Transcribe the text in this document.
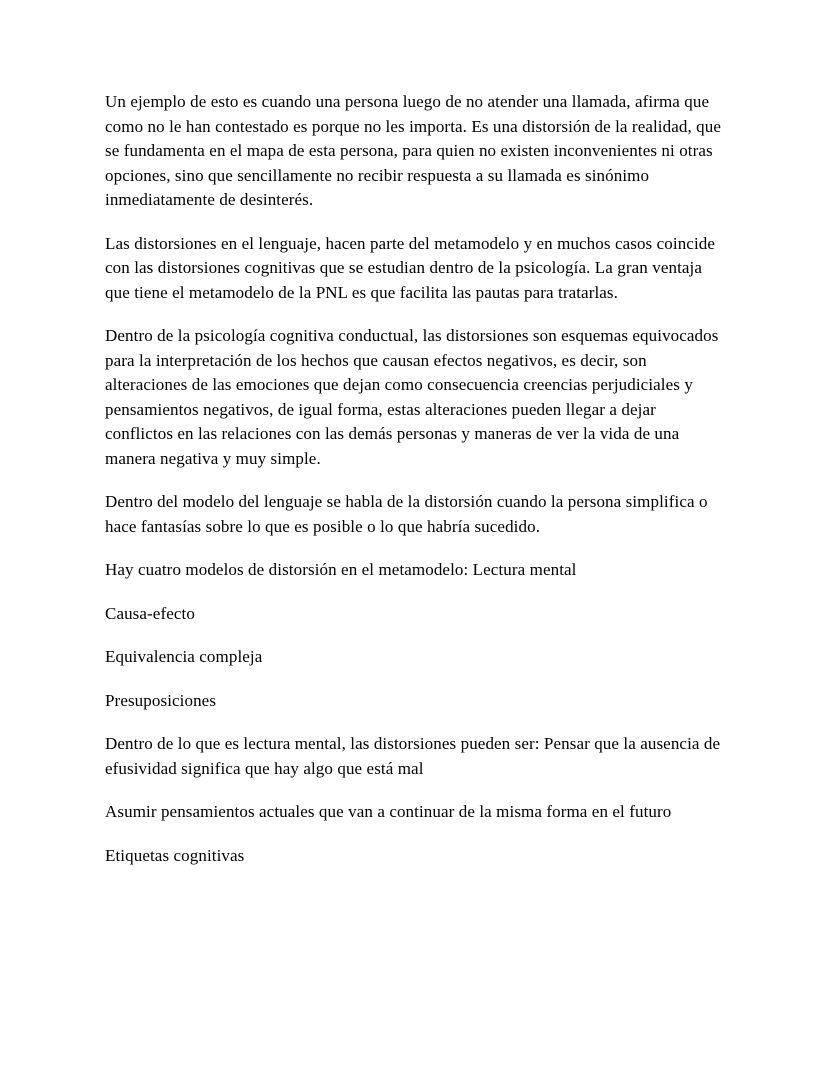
Un ejemplo de esto es cuando una persona luego de no atender una llamada, afirma que como no le han contestado es porque no les importa. Es una distorsión de la realidad, que se fundamenta en el mapa de esta persona, para quien no existen inconvenientes ni otras opciones, sino que sencillamente no recibir respuesta a su llamada es sinónimo inmediatamente de desinterés.

Las distorsiones en el lenguaje, hacen parte del metamodelo y en muchos casos coincide con las distorsiones cognitivas que se estudian dentro de la psicología. La gran ventaja que tiene el metamodelo de la PNL es que facilita las pautas para tratarlas.

Dentro de la psicología cognitiva conductual, las distorsiones son esquemas equivocados para la interpretación de los hechos que causan efectos negativos, es decir, son alteraciones de las emociones que dejan como consecuencia creencias perjudiciales y pensamientos negativos, de igual forma, estas alteraciones pueden llegar a dejar conflictos en las relaciones con las demás personas y maneras de ver la vida de una manera negativa y muy simple.

Dentro del modelo del lenguaje se habla de la distorsión cuando la persona simplifica o hace fantasías sobre lo que es posible o lo que habría sucedido.

Hay cuatro modelos de distorsión en el metamodelo: Lectura mental

Causa-efecto

Equivalencia compleja

Presuposiciones

Dentro de lo que es lectura mental, las distorsiones pueden ser: Pensar que la ausencia de efusividad significa que hay algo que está mal

Asumir pensamientos actuales que van a continuar de la misma forma en el futuro

Etiquetas cognitivas
